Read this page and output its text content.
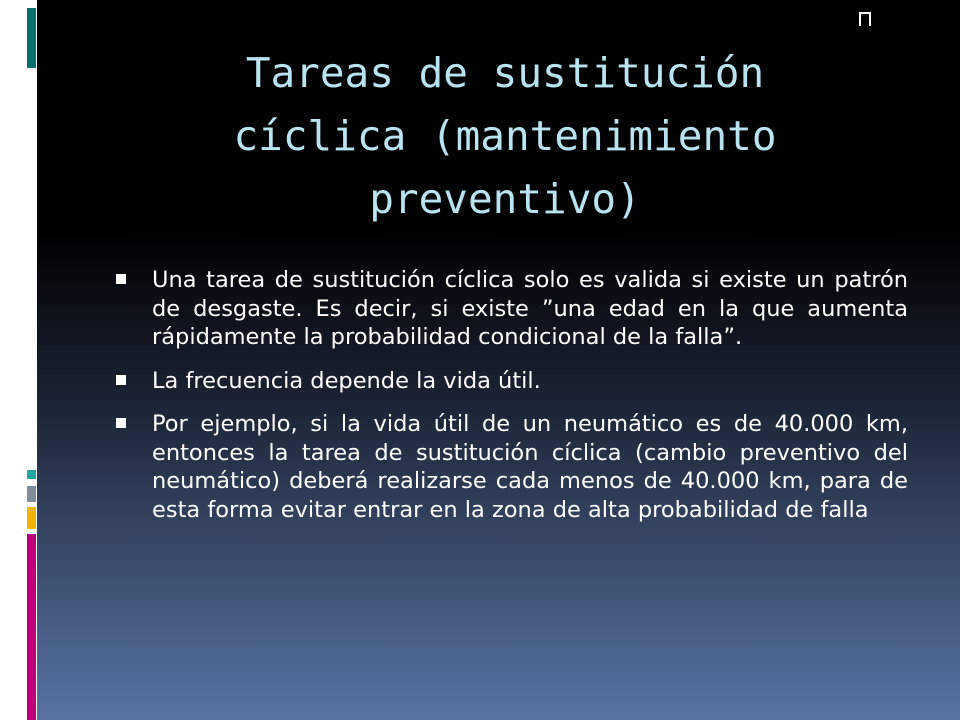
Tareas de sustitución cíclica (mantenimiento preventivo)
Una tarea de sustitución cíclica solo es valida si existe un patrón de desgaste. Es decir, si existe ”una edad en la que aumenta rápidamente la probabilidad condicional de la falla”.
La frecuencia depende la vida útil.
Por ejemplo, si la vida útil de un neumático es de 40.000 km, entonces la tarea de sustitución cíclica (cambio preventivo del neumático) deberá realizarse cada menos de 40.000 km, para de esta forma evitar entrar en la zona de alta probabilidad de falla
